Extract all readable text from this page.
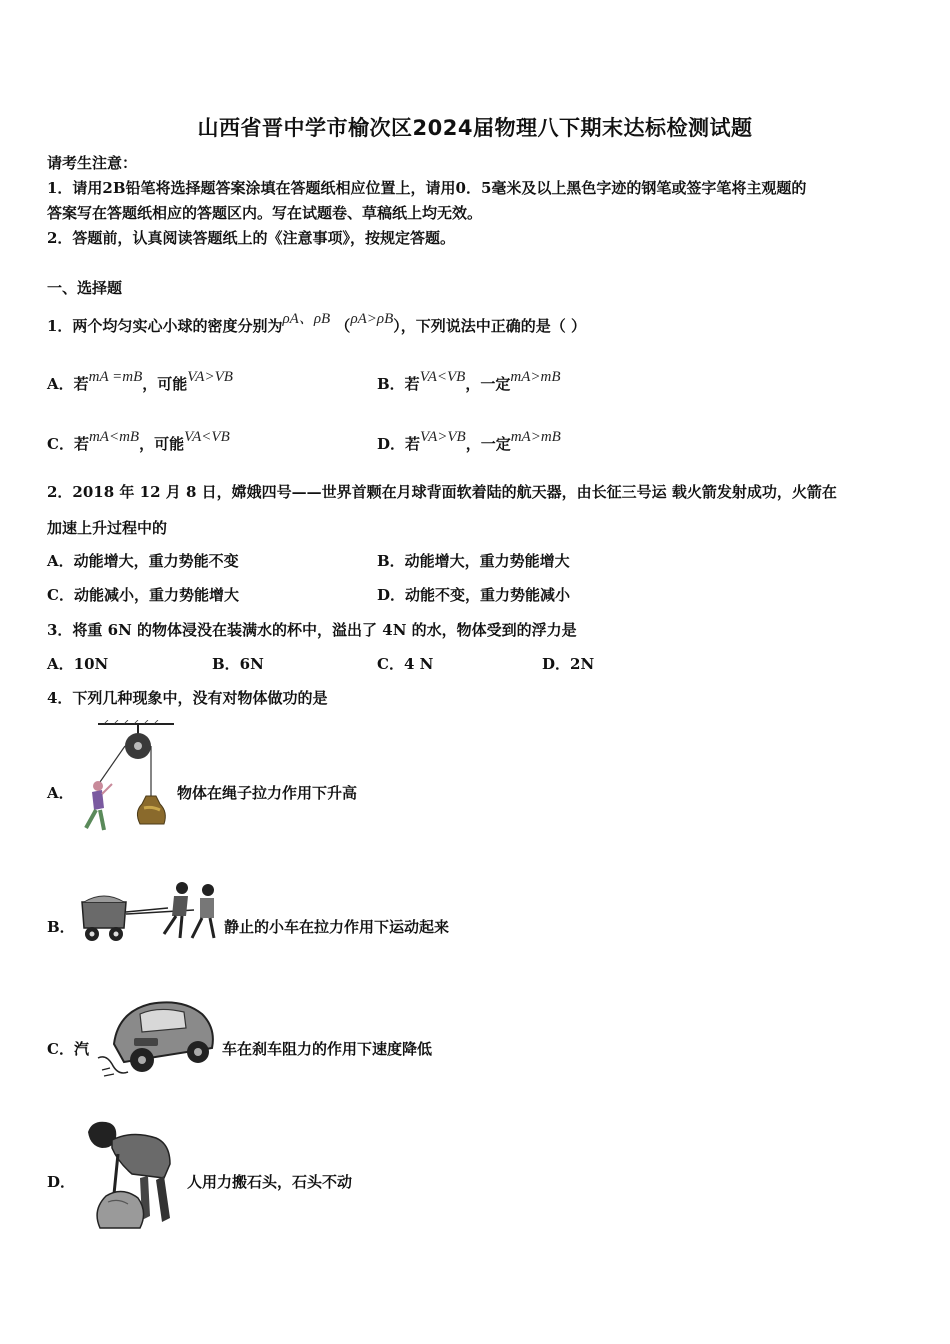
山西省晋中学市榆次区2024届物理八下期末达标检测试题
请考生注意：
1．请用2B铅笔将选择题答案涂填在答题纸相应位置上，请用0．5毫米及以上黑色字迹的钢笔或签字笔将主观题的
答案写在答题纸相应的答题区内。写在试题卷、草稿纸上均无效。
2．答题前，认真阅读答题纸上的《注意事项》，按规定答题。
一、选择题
1．两个均匀实心小球的密度分别为ρA、ρB （ρA>ρB），下列说法中正确的是（ ）
A．若mA =mB，可能VA>VB	B．若VA<VB，一定mA>mB
C．若mA<mB，可能VA<VB	D．若VA>VB，一定mA>mB
2．2018 年 12 月 8 日，嫦娥四号——世界首颗在月球背面软着陆的航天器，由长征三号运 载火箭发射成功，火箭在
加速上升过程中的
A．动能增大，重力势能不变	B．动能增大，重力势能增大
C．动能减小，重力势能增大	D．动能不变，重力势能减小
3．将重 6N 的物体浸没在装满水的杯中，溢出了 4N 的水，物体受到的浮力是
A．10N	B．6N	C．4 N	D．2N
4．下列几种现象中，没有对物体做功的是
A．	物体在绳子拉力作用下升高
B．	静止的小车在拉力作用下运动起来
C．汽	车在刹车阻力的作用下速度降低
D．	人用力搬石头，石头不动
